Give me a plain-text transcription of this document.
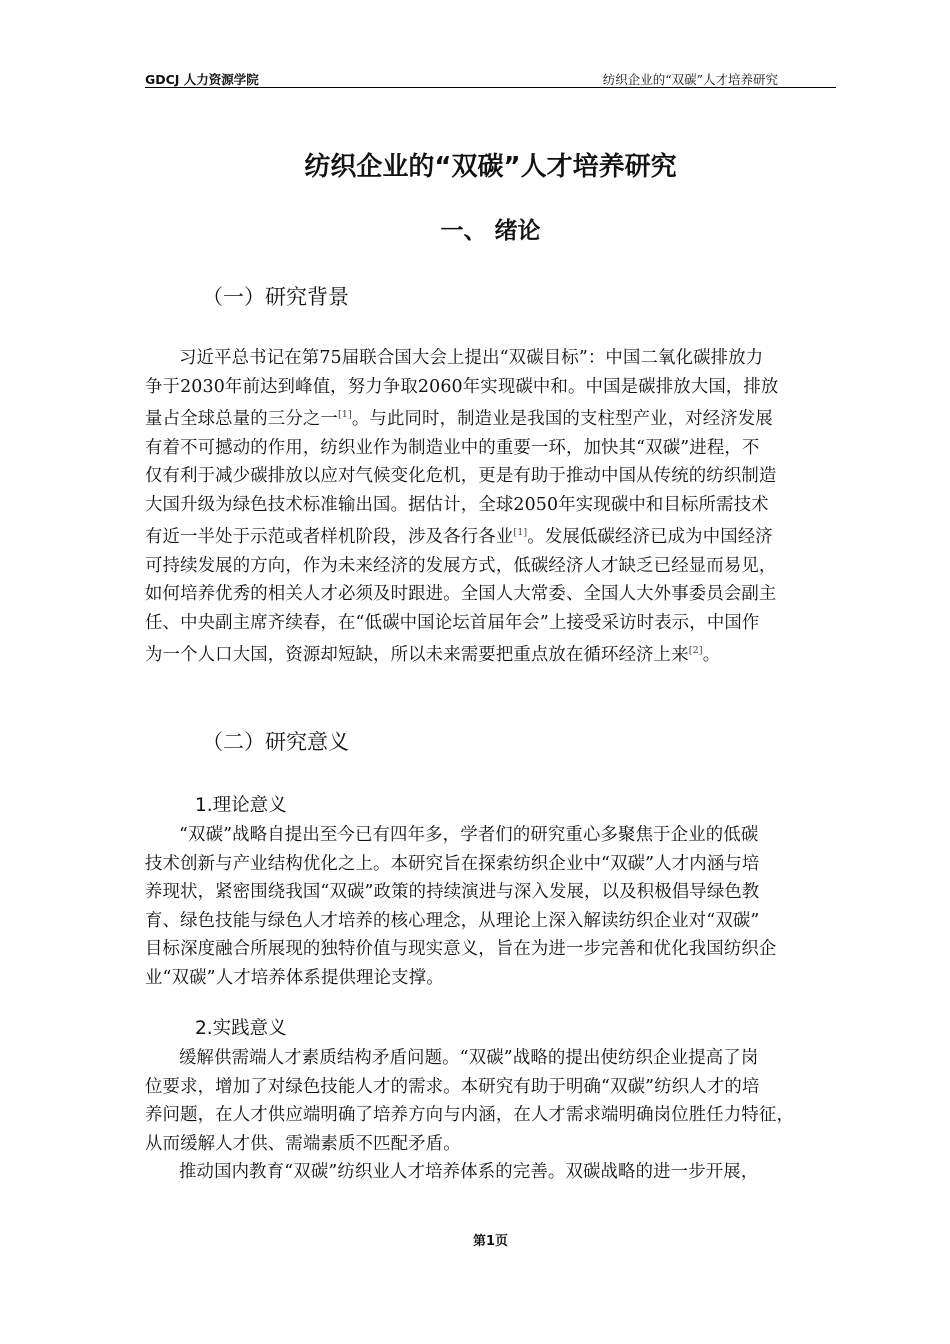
GDCJ 人力资源学院	纺织企业的“双碳”人才培养研究
纺织企业的“双碳”人才培养研究
一、 绪论
（一）研究背景
习近平总书记在第75届联合国大会上提出“双碳目标”：中国二氧化碳排放力
争于2030年前达到峰值，努力争取2060年实现碳中和。中国是碳排放大国，排放
量占全球总量的三分之一[1]。与此同时，制造业是我国的支柱型产业，对经济发展
有着不可撼动的作用，纺织业作为制造业中的重要一环，加快其“双碳”进程，不
仅有利于减少碳排放以应对气候变化危机，更是有助于推动中国从传统的纺织制造
大国升级为绿色技术标准输出国。据估计，全球2050年实现碳中和目标所需技术
有近一半处于示范或者样机阶段，涉及各行各业[1]。发展低碳经济已成为中国经济
可持续发展的方向，作为未来经济的发展方式，低碳经济人才缺乏已经显而易见，
如何培养优秀的相关人才必须及时跟进。全国人大常委、全国人大外事委员会副主
任、中央副主席齐续春，在“低碳中国论坛首届年会”上接受采访时表示，中国作
为一个人口大国，资源却短缺，所以未来需要把重点放在循环经济上来[2]。
（二）研究意义
1.理论意义
“双碳”战略自提出至今已有四年多，学者们的研究重心多聚焦于企业的低碳
技术创新与产业结构优化之上。本研究旨在探索纺织企业中“双碳”人才内涵与培
养现状，紧密围绕我国“双碳”政策的持续演进与深入发展，以及积极倡导绿色教
育、绿色技能与绿色人才培养的核心理念，从理论上深入解读纺织企业对“双碳”
目标深度融合所展现的独特价值与现实意义，旨在为进一步完善和优化我国纺织企
业“双碳”人才培养体系提供理论支撑。
2.实践意义
缓解供需端人才素质结构矛盾问题。“双碳”战略的提出使纺织企业提高了岗
位要求，增加了对绿色技能人才的需求。本研究有助于明确“双碳”纺织人才的培
养问题，在人才供应端明确了培养方向与内涵，在人才需求端明确岗位胜任力特征，
从而缓解人才供、需端素质不匹配矛盾。
推动国内教育“双碳”纺织业人才培养体系的完善。双碳战略的进一步开展，
第1页
